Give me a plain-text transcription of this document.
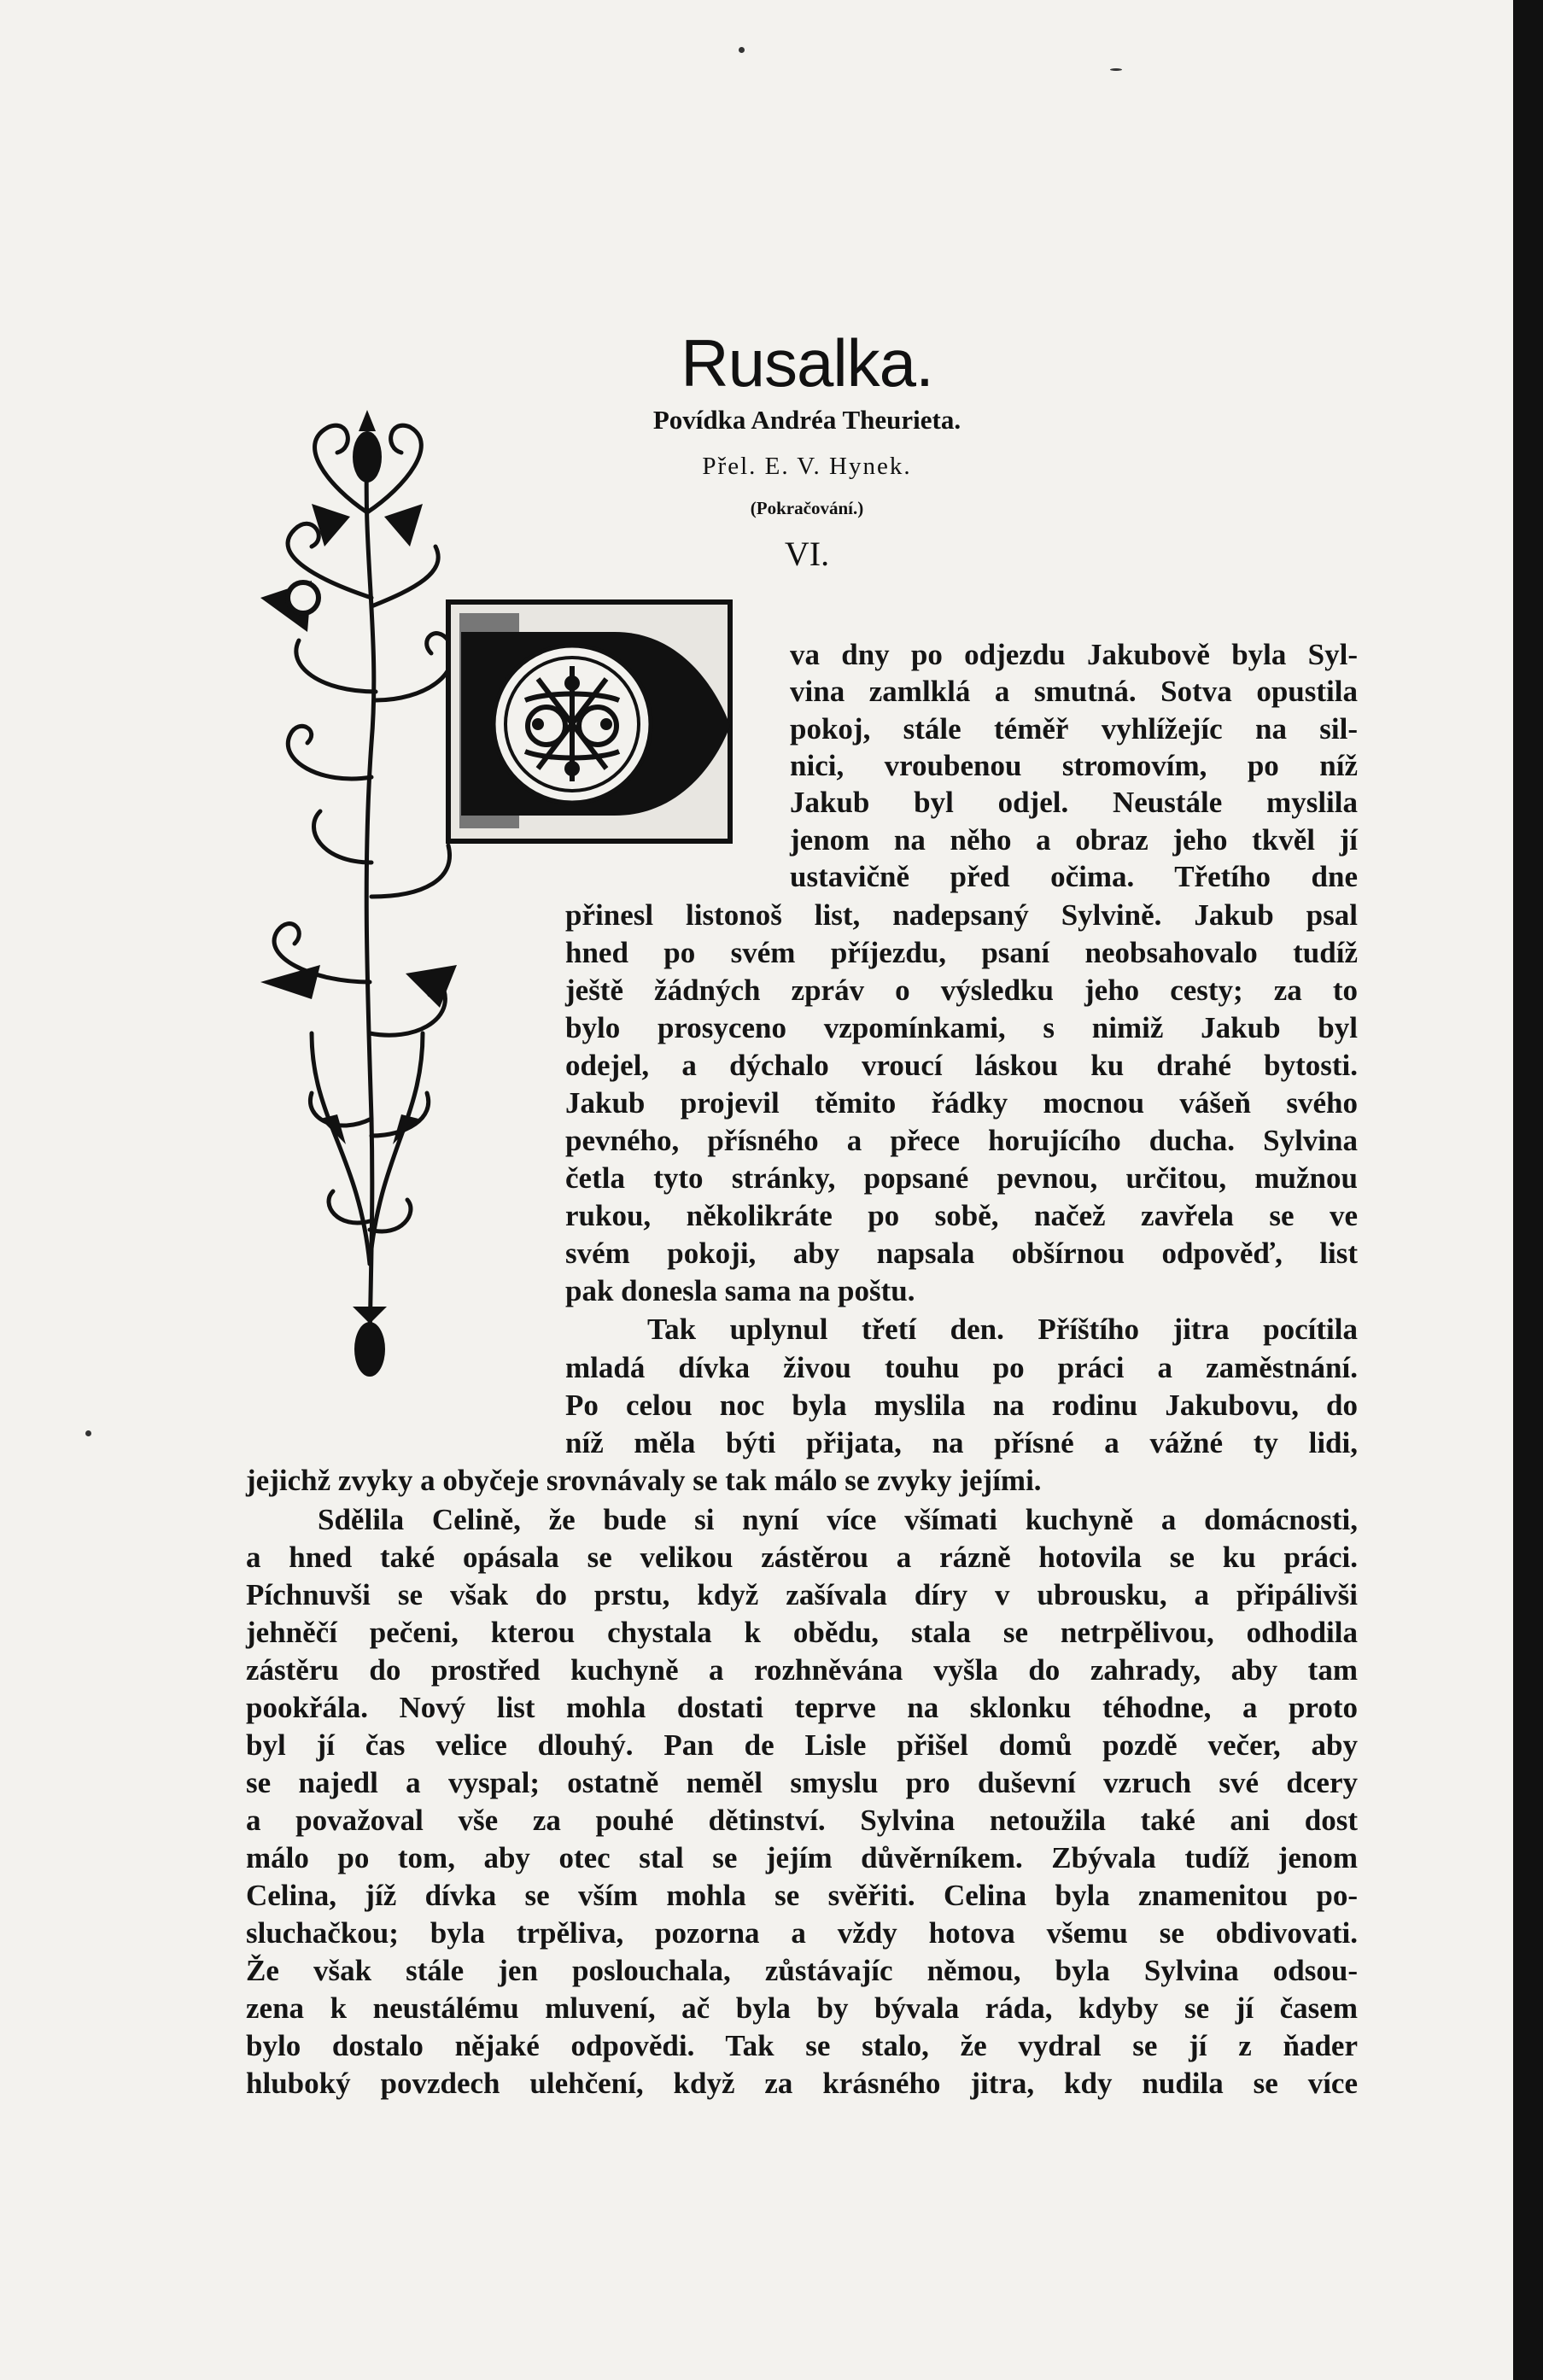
Rusalka.
Povídka Andréa Theurieta.
Přel. E. V. Hynek.
(Pokračování.)
VI.
va dny po odjezdu Jakubově byla Syl-
vina zamlklá a smutná. Sotva opustila
pokoj, stále téměř vyhlížejíc na sil-
nici, vroubenou stromovím, po níž
Jakub byl odjel. Neustále myslila
jenom na něho a obraz jeho tkvěl jí
ustavičně před očima. Třetího dne
přinesl listonoš list, nadepsaný Sylvině. Jakub psal
hned po svém příjezdu, psaní neobsahovalo tudíž
ještě žádných zpráv o výsledku jeho cesty; za to
bylo prosyceno vzpomínkami, s nimiž Jakub byl
odejel, a dýchalo vroucí láskou ku drahé bytosti.
Jakub projevil těmito řádky mocnou vášeň svého
pevného, přísného a přece horujícího ducha. Sylvina
četla tyto stránky, popsané pevnou, určitou, mužnou
rukou, několikráte po sobě, načež zavřela se ve
svém pokoji, aby napsala obšírnou odpověď, list
pak donesla sama na poštu.
Tak uplynul třetí den. Příštího jitra pocítila
mladá dívka živou touhu po práci a zaměstnání.
Po celou noc byla myslila na rodinu Jakubovu, do
níž měla býti přijata, na přísné a vážné ty lidi,
jejichž zvyky a obyčeje srovnávaly se tak málo se zvyky jejími.
Sdělila Celině, že bude si nyní více všímati kuchyně a domácnosti,
a hned také opásala se velikou zástěrou a rázně hotovila se ku práci.
Píchnuvši se však do prstu, když zašívala díry v ubrousku, a připálivši
jehněčí pečeni, kterou chystala k obědu, stala se netrpělivou, odhodila
zástěru do prostřed kuchyně a rozhněvána vyšla do zahrady, aby tam
pookřála. Nový list mohla dostati teprve na sklonku téhodne, a proto
byl jí čas velice dlouhý. Pan de Lisle přišel domů pozdě večer, aby
se najedl a vyspal; ostatně neměl smyslu pro duševní vzruch své dcery
a považoval vše za pouhé dětinství. Sylvina netoužila také ani dost
málo po tom, aby otec stal se jejím důvěrníkem. Zbývala tudíž jenom
Celina, jíž dívka se vším mohla se svěřiti. Celina byla znamenitou po-
sluchačkou; byla trpěliva, pozorna a vždy hotova všemu se obdivovati.
Že však stále jen poslouchala, zůstávajíc němou, byla Sylvina odsou-
zena k neustálému mluvení, ač byla by bývala ráda, kdyby se jí časem
bylo dostalo nějaké odpovědi. Tak se stalo, že vydral se jí z ňader
hluboký povzdech ulehčení, když za krásného jitra, kdy nudila se více
